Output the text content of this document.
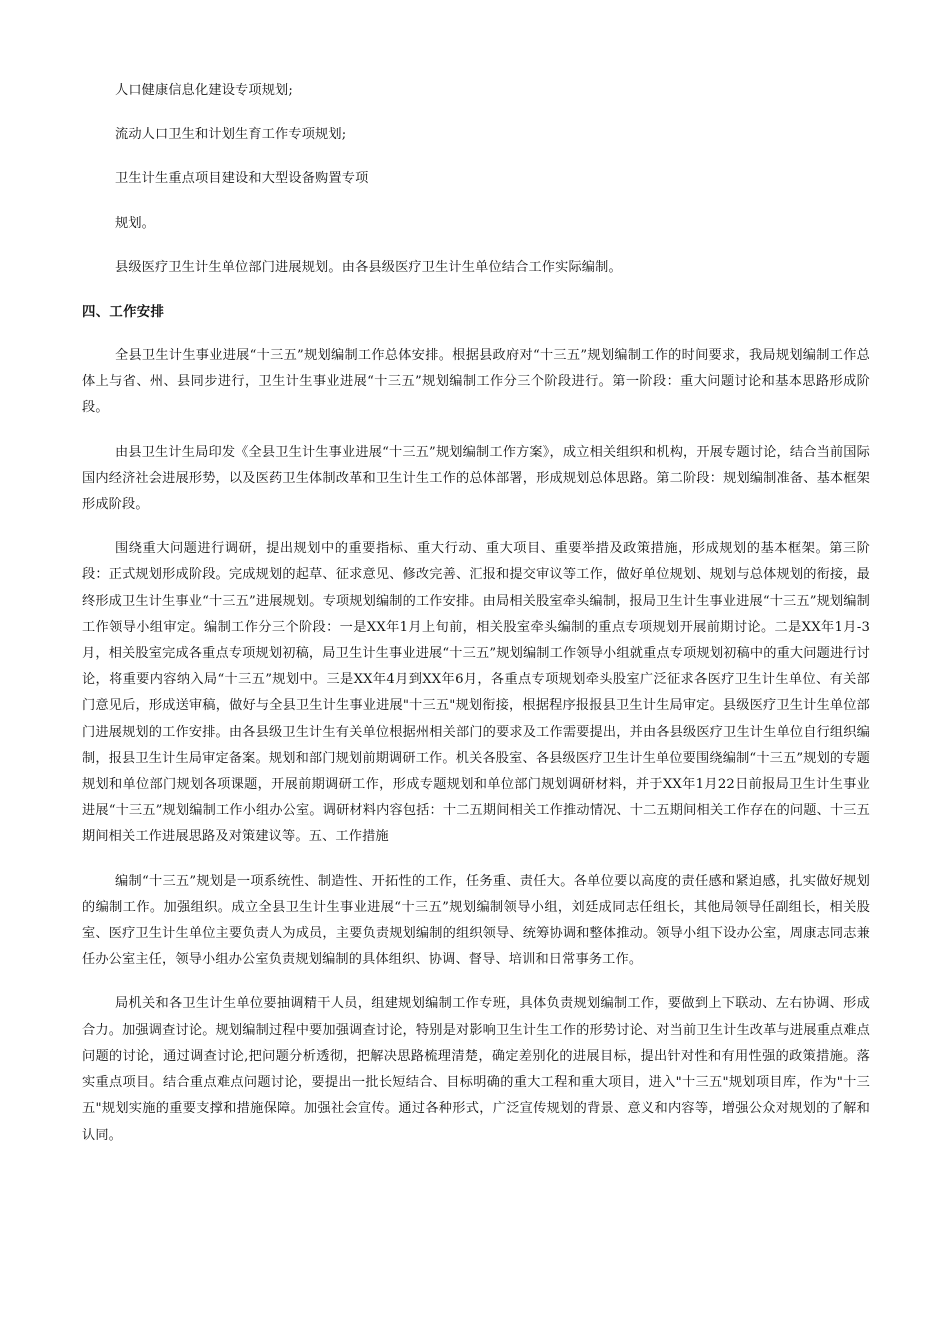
人口健康信息化建设专项规划;

流动人口卫生和计划生育工作专项规划;

卫生计生重点项目建设和大型设备购置专项

规划。

县级医疗卫生计生单位部门进展规划。由各县级医疗卫生计生单位结合工作实际编制。

四、工作安排

全县卫生计生事业进展“十三五”规划编制工作总体安排。根据县政府对“十三五”规划编制工作的时间要求，我局规划编制工作总体上与省、州、县同步进行，卫生计生事业进展“十三五”规划编制工作分三个阶段进行。第一阶段：重大问题讨论和基本思路形成阶段。

由县卫生计生局印发《全县卫生计生事业进展“十三五”规划编制工作方案》，成立相关组织和机构，开展专题讨论，结合当前国际国内经济社会进展形势，以及医药卫生体制改革和卫生计生工作的总体部署，形成规划总体思路。第二阶段：规划编制准备、基本框架形成阶段。

围绕重大问题进行调研，提出规划中的重要指标、重大行动、重大项目、重要举措及政策措施，形成规划的基本框架。第三阶段：正式规划形成阶段。完成规划的起草、征求意见、修改完善、汇报和提交审议等工作，做好单位规划、规划与总体规划的衔接，最终形成卫生计生事业“十三五”进展规划。专项规划编制的工作安排。由局相关股室牵头编制，报局卫生计生事业进展“十三五”规划编制工作领导小组审定。编制工作分三个阶段：一是XX年1月上旬前，相关股室牵头编制的重点专项规划开展前期讨论。二是XX年1月-3月，相关股室完成各重点专项规划初稿，局卫生计生事业进展“十三五”规划编制工作领导小组就重点专项规划初稿中的重大问题进行讨论，将重要内容纳入局“十三五”规划中。三是XX年4月到XX年6月，各重点专项规划牵头股室广泛征求各医疗卫生计生单位、有关部门意见后，形成送审稿，做好与全县卫生计生事业进展"十三五"规划衔接，根据程序报报县卫生计生局审定。县级医疗卫生计生单位部门进展规划的工作安排。由各县级卫生计生有关单位根据州相关部门的要求及工作需要提出，并由各县级医疗卫生计生单位自行组织编制，报县卫生计生局审定备案。规划和部门规划前期调研工作。机关各股室、各县级医疗卫生计生单位要围绕编制“十三五”规划的专题规划和单位部门规划各项课题，开展前期调研工作，形成专题规划和单位部门规划调研材料，并于XX年1月22日前报局卫生计生事业进展“十三五”规划编制工作小组办公室。调研材料内容包括：十二五期间相关工作推动情况、十二五期间相关工作存在的问题、十三五期间相关工作进展思路及对策建议等。五、工作措施

编制“十三五”规划是一项系统性、制造性、开拓性的工作，任务重、责任大。各单位要以高度的责任感和紧迫感，扎实做好规划的编制工作。加强组织。成立全县卫生计生事业进展“十三五”规划编制领导小组，刘廷成同志任组长，其他局领导任副组长，相关股室、医疗卫生计生单位主要负责人为成员，主要负责规划编制的组织领导、统筹协调和整体推动。领导小组下设办公室，周康志同志兼任办公室主任，领导小组办公室负责规划编制的具体组织、协调、督导、培训和日常事务工作。

局机关和各卫生计生单位要抽调精干人员，组建规划编制工作专班，具体负责规划编制工作，要做到上下联动、左右协调、形成合力。加强调查讨论。规划编制过程中要加强调查讨论，特别是对影响卫生计生工作的形势讨论、对当前卫生计生改革与进展重点难点问题的讨论，通过调查讨论,把问题分析透彻，把解决思路梳理清楚，确定差别化的进展目标，提出针对性和有用性强的政策措施。落实重点项目。结合重点难点问题讨论，要提出一批长短结合、目标明确的重大工程和重大项目，进入"十三五"规划项目库，作为"十三五"规划实施的重要支撑和措施保障。加强社会宣传。通过各种形式，广泛宣传规划的背景、意义和内容等，增强公众对规划的了解和认同。
